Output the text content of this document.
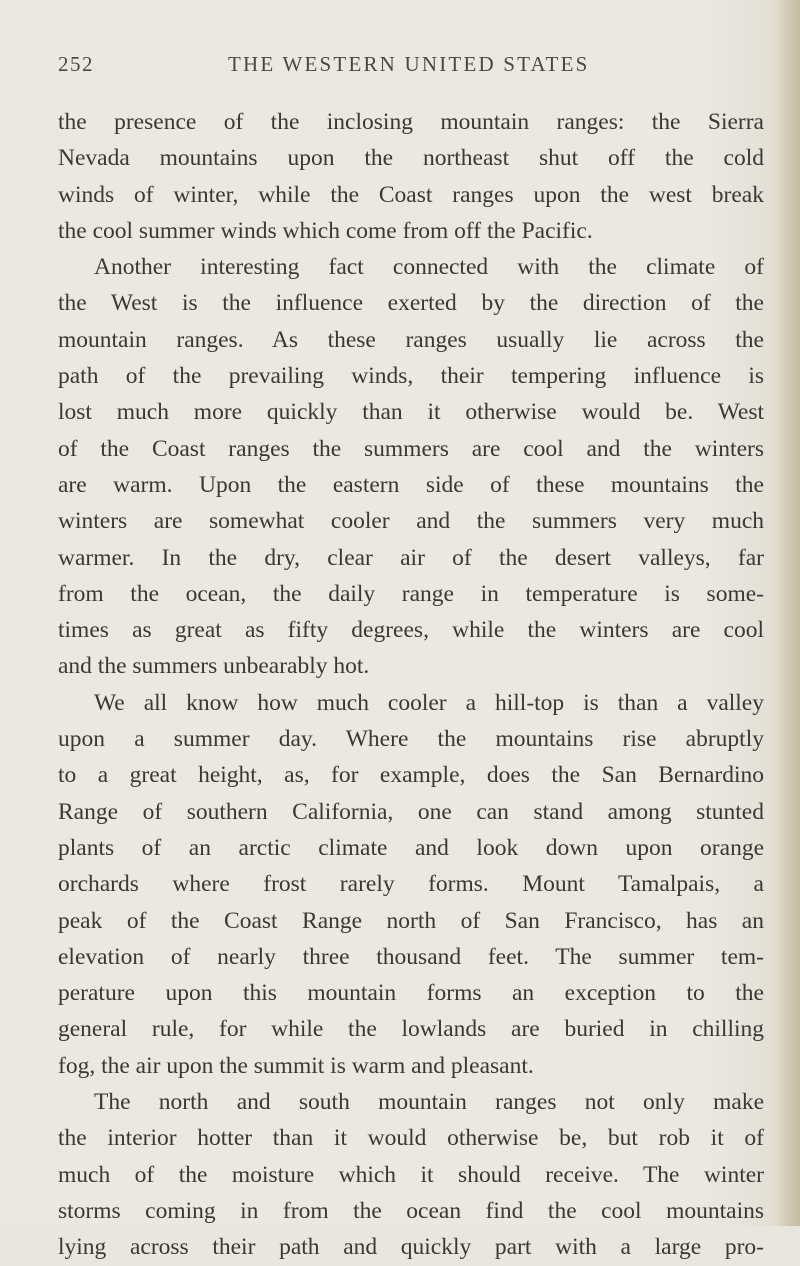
252	THE WESTERN UNITED STATES
the presence of the inclosing mountain ranges: the Sierra
Nevada mountains upon the northeast shut off the cold
winds of winter, while the Coast ranges upon the west break
the cool summer winds which come from off the Pacific.
Another interesting fact connected with the climate of
the West is the influence exerted by the direction of the
mountain ranges. As these ranges usually lie across the
path of the prevailing winds, their tempering influence is
lost much more quickly than it otherwise would be. West
of the Coast ranges the summers are cool and the winters
are warm. Upon the eastern side of these mountains the
winters are somewhat cooler and the summers very much
warmer. In the dry, clear air of the desert valleys, far
from the ocean, the daily range in temperature is some-
times as great as fifty degrees, while the winters are cool
and the summers unbearably hot.
We all know how much cooler a hill-top is than a valley
upon a summer day. Where the mountains rise abruptly
to a great height, as, for example, does the San Bernardino
Range of southern California, one can stand among stunted
plants of an arctic climate and look down upon orange
orchards where frost rarely forms. Mount Tamalpais, a
peak of the Coast Range north of San Francisco, has an
elevation of nearly three thousand feet. The summer tem-
perature upon this mountain forms an exception to the
general rule, for while the lowlands are buried in chilling
fog, the air upon the summit is warm and pleasant.
The north and south mountain ranges not only make
the interior hotter than it would otherwise be, but rob it of
much of the moisture which it should receive. The winter
storms coming in from the ocean find the cool mountains
lying across their path and quickly part with a large pro-
